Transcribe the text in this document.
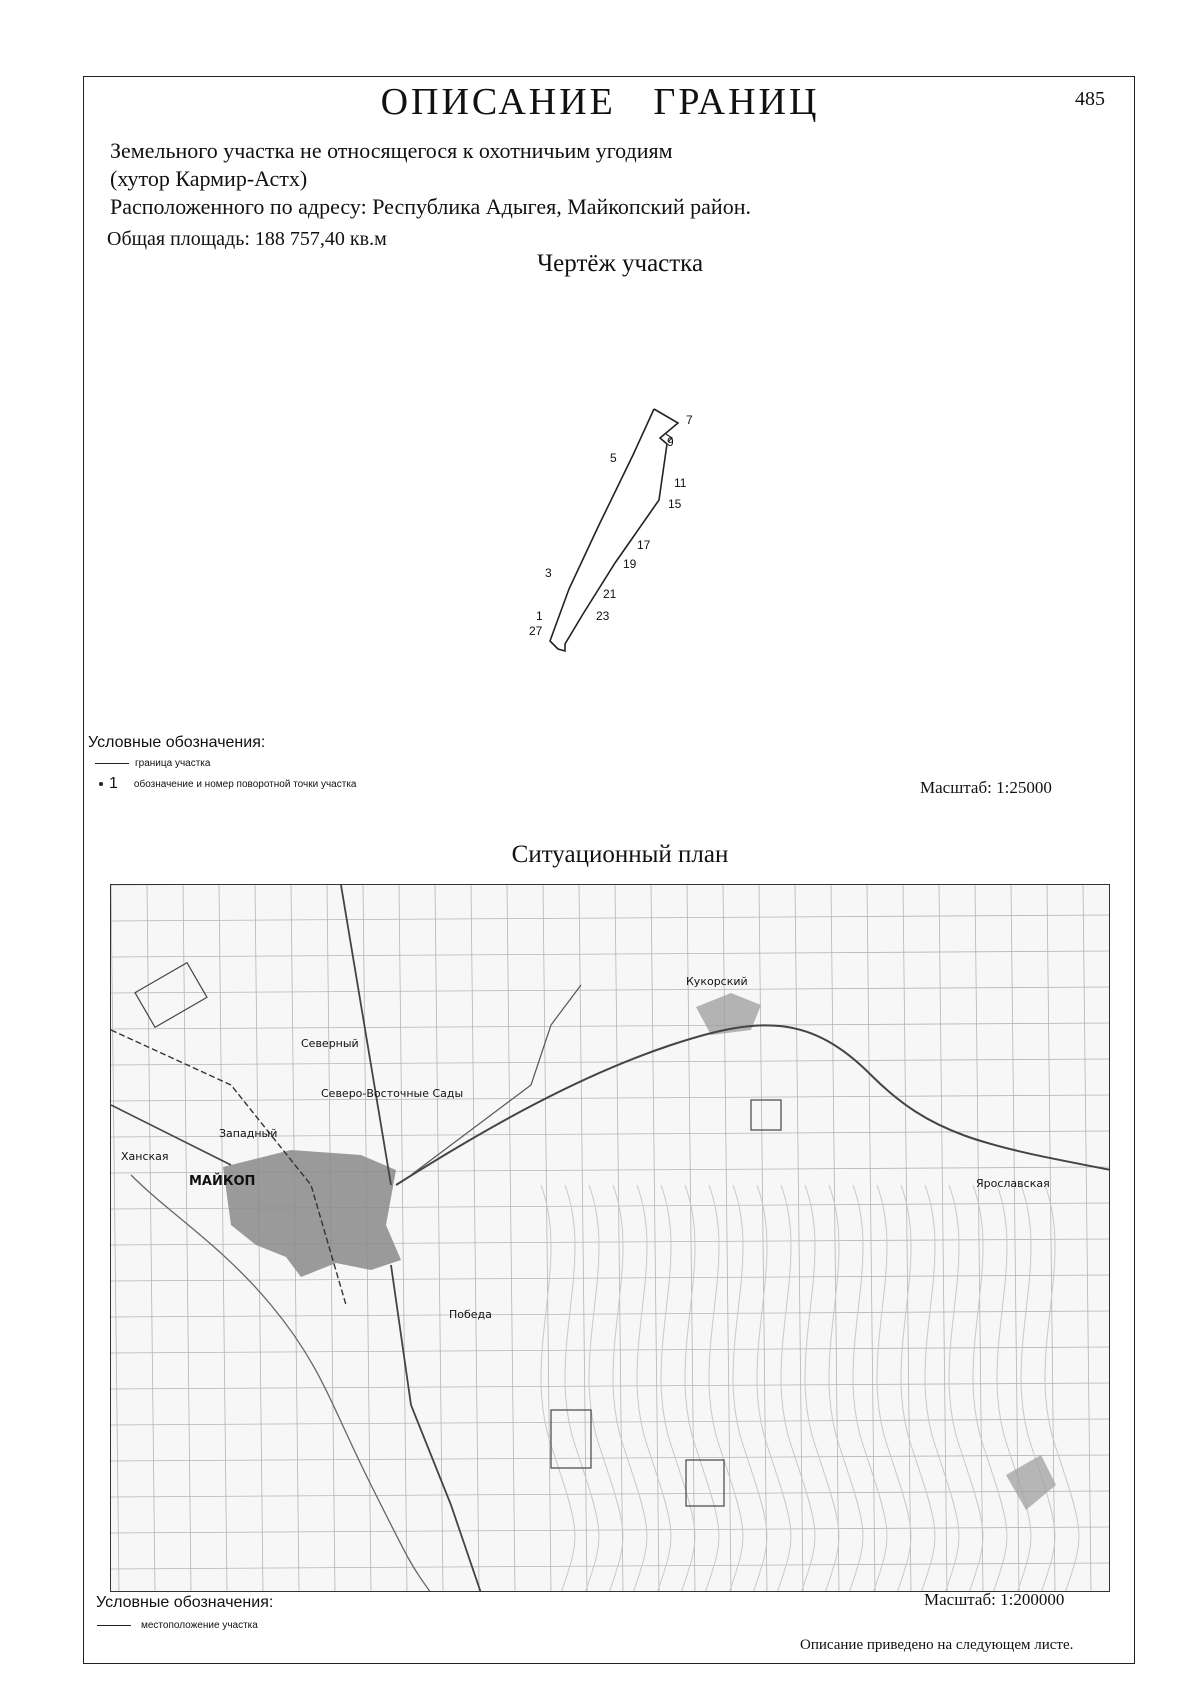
ОПИСАНИЕ   ГРАНИЦ	485
Земельного участка не относящегося к охотничьим угодиям
(хутор Кармир-Астх)
Расположенного по адресу: Республика Адыгея, Майкопский район.
Общая площадь: 188 757,40 кв.м
Чертёж участка
7
9
5
11
15
17
19
3
21
23
1
27
Условные обозначения:
граница участка
1 обозначение и номер поворотной точки участка	Масштаб: 1:25000
Ситуационный план
МАЙКОП
Кукорский
Северо-Восточные Сады
Ярославская
Победа
Западный
Северный
Ханская
Условные обозначения:
местоположение участка
Масштаб: 1:200000
Описание приведено на следующем листе.
